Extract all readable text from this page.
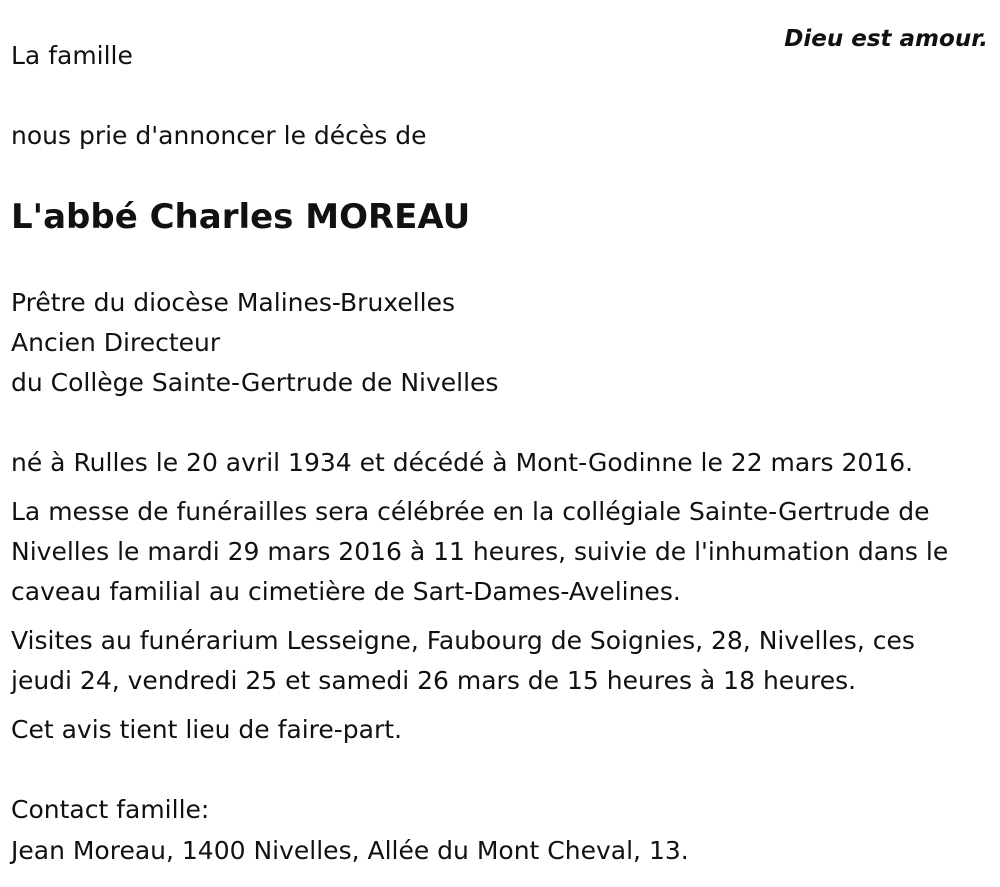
Dieu est amour.
La famille
nous prie d'annoncer le décès de
L'abbé Charles MOREAU
Prêtre du diocèse Malines-Bruxelles
Ancien Directeur
du Collège Sainte-Gertrude de Nivelles
né à Rulles le 20 avril 1934 et décédé à Mont-Godinne le 22 mars 2016.
La messe de funérailles sera célébrée en la collégiale Sainte-Gertrude de
Nivelles le mardi 29 mars 2016 à 11 heures, suivie de l'inhumation dans le
caveau familial au cimetière de Sart-Dames-Avelines.
Visites au funérarium Lesseigne, Faubourg de Soignies, 28, Nivelles, ces
jeudi 24, vendredi 25 et samedi 26 mars de 15 heures à 18 heures.
Cet avis tient lieu de faire-part.
Contact famille:
Jean Moreau, 1400 Nivelles, Allée du Mont Cheval, 13.
